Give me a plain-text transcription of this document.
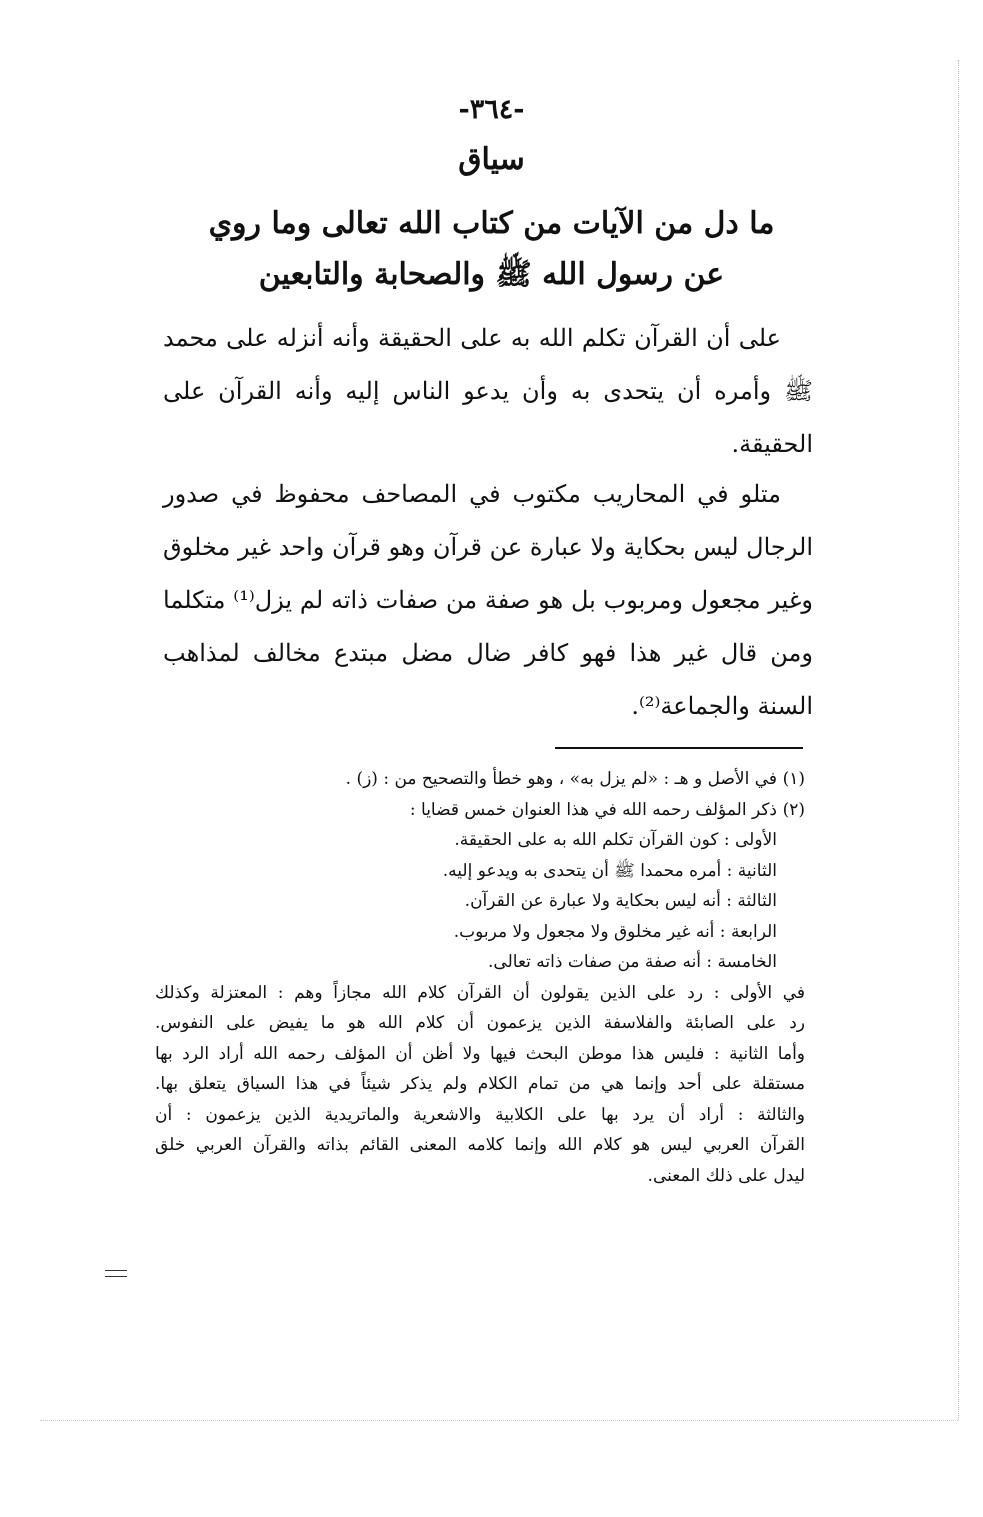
-٣٦٤-
سياق
ما دل من الآيات من كتاب الله تعالى وما روي
عن رسول الله ﷺ والصحابة والتابعين

على أن القرآن تكلم الله به على الحقيقة وأنه أنزله على محمد ﷺ وأمره أن يتحدى به وأن يدعو الناس إليه وأنه القرآن على الحقيقة.

متلو في المحاريب مكتوب في المصاحف محفوظ في صدور الرجال ليس بحكاية ولا عبارة عن قرآن وهو قرآن واحد غير مخلوق وغير مجعول ومربوب بل هو صفة من صفات ذاته لم يزل⁽¹⁾ متكلما ومن قال غير هذا فهو كافر ضال مضل مبتدع مخالف لمذاهب السنة والجماعة⁽²⁾.

(١)في الأصل و هـ : «لم يزل به» ، وهو خطأ والتصحيح من : (ز) .
(٢)ذكر المؤلف رحمه الله في هذا العنوان خمس قضايا :
الأولى : كون القرآن تكلم الله به على الحقيقة.
الثانية : أمره محمدا ﷺ أن يتحدى به ويدعو إليه.
الثالثة : أنه ليس بحكاية ولا عبارة عن القرآن.
الرابعة : أنه غير مخلوق ولا مجعول ولا مربوب.
الخامسة : أنه صفة من صفات ذاته تعالى.
في الأولى : رد على الذين يقولون أن القرآن كلام الله مجازاً وهم : المعتزلة وكذلك
رد على الصابئة والفلاسفة الذين يزعمون أن كلام الله هو ما يفيض على النفوس.
وأما الثانية : فليس هذا موطن البحث فيها ولا أظن أن المؤلف رحمه الله أراد الرد بها
مستقلة على أحد وإنما هي من تمام الكلام ولم يذكر شيئاً في هذا السياق يتعلق بها.
والثالثة : أراد أن يرد بها على الكلابية والاشعرية والماتريدية الذين يزعمون : أن
القرآن العربي ليس هو كلام الله وإنما كلامه المعنى القائم بذاته والقرآن العربي خلق
ليدل على ذلك المعنى.
